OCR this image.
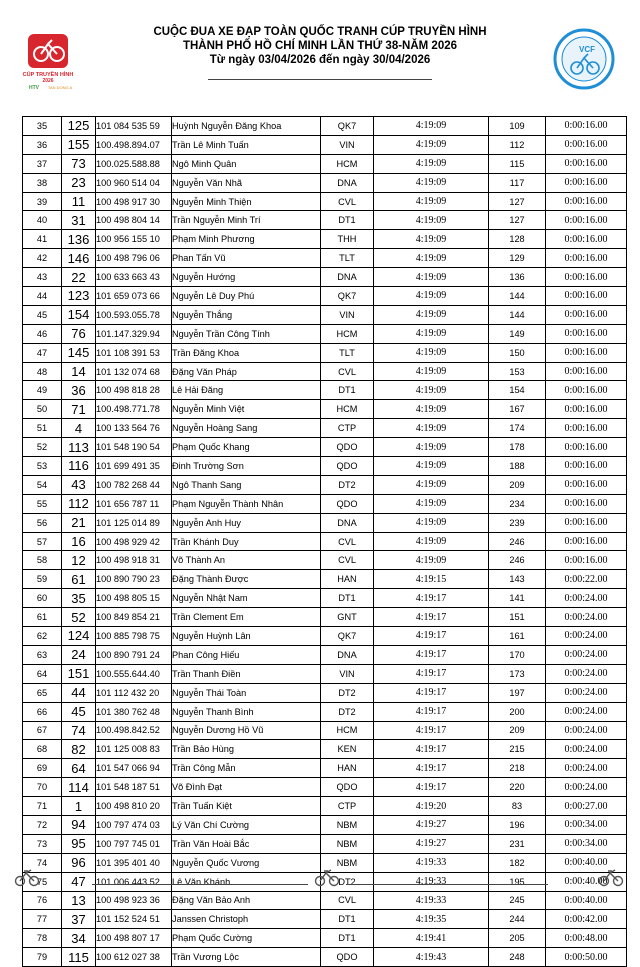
CÚP TRUYỀN HÌNH
2026
HTV TAN DONG A
CUỘC ĐUA XE ĐẠP TOÀN QUỐC TRANH CÚP TRUYỀN HÌNH
THÀNH PHỐ HỒ CHÍ MINH LẦN THỨ 38-NĂM 2026
Từ ngày 03/04/2026 đến ngày 30/04/2026
VCF
35	125	101 084 535 59	Huỳnh Nguyễn Đăng Khoa	QK7	4:19:09	109	0:00:16.00
36	155	100.498.894.07	Trần Lê Minh Tuấn	VIN	4:19:09	112	0:00:16.00
37	73	100.025.588.88	Ngô Minh Quân	HCM	4:19:09	115	0:00:16.00
38	23	100 960 514 04	Nguyễn Văn Nhã	DNA	4:19:09	117	0:00:16.00
39	11	100 498 917 30	Nguyễn Minh Thiện	CVL	4:19:09	127	0:00:16.00
40	31	100 498 804 14	Trần Nguyễn Minh Trí	DT1	4:19:09	127	0:00:16.00
41	136	100 956 155 10	Phạm Minh Phương	THH	4:19:09	128	0:00:16.00
42	146	100 498 796 06	Phan Tấn Vũ	TLT	4:19:09	129	0:00:16.00
43	22	100 633 663 43	Nguyễn Hướng	DNA	4:19:09	136	0:00:16.00
44	123	101 659 073 66	Nguyễn Lê Duy Phú	QK7	4:19:09	144	0:00:16.00
45	154	100.593.055.78	Nguyễn Thắng	VIN	4:19:09	144	0:00:16.00
46	76	101.147.329.94	Nguyễn Trần Công Tính	HCM	4:19:09	149	0:00:16.00
47	145	101 108 391 53	Trần Đăng Khoa	TLT	4:19:09	150	0:00:16.00
48	14	101 132 074 68	Đặng Văn Pháp	CVL	4:19:09	153	0:00:16.00
49	36	100 498 818 28	Lê Hải Đăng	DT1	4:19:09	154	0:00:16.00
50	71	100.498.771.78	Nguyễn Minh Việt	HCM	4:19:09	167	0:00:16.00
51	4	100 133 564 76	Nguyễn Hoàng Sang	CTP	4:19:09	174	0:00:16.00
52	113	101 548 190 54	Phạm Quốc Khang	QDO	4:19:09	178	0:00:16.00
53	116	101 699 491 35	Đinh Trường Sơn	QDO	4:19:09	188	0:00:16.00
54	43	100 782 268 44	Ngô Thanh Sang	DT2	4:19:09	209	0:00:16.00
55	112	101 656 787 11	Phạm Nguyễn Thành Nhân	QDO	4:19:09	234	0:00:16.00
56	21	101 125 014 89	Nguyễn Anh Huy	DNA	4:19:09	239	0:00:16.00
57	16	100 498 929 42	Trần Khánh Duy	CVL	4:19:09	246	0:00:16.00
58	12	100 498 918 31	Võ Thành An	CVL	4:19:09	246	0:00:16.00
59	61	100 890 790 23	Đặng Thành Được	HAN	4:19:15	143	0:00:22.00
60	35	100 498 805 15	Nguyễn Nhật Nam	DT1	4:19:17	141	0:00:24.00
61	52	100 849 854 21	Trần Clement Em	GNT	4:19:17	151	0:00:24.00
62	124	100 885 798 75	Nguyễn Huỳnh Lân	QK7	4:19:17	161	0:00:24.00
63	24	100 890 791 24	Phan Công Hiếu	DNA	4:19:17	170	0:00:24.00
64	151	100.555.644.40	Trần Thanh Điền	VIN	4:19:17	173	0:00:24.00
65	44	101 112 432 20	Nguyễn Thái Toàn	DT2	4:19:17	197	0:00:24.00
66	45	101 380 762 48	Nguyễn Thanh Bình	DT2	4:19:17	200	0:00:24.00
67	74	100.498.842.52	Nguyễn Dương Hồ Vũ	HCM	4:19:17	209	0:00:24.00
68	82	101 125 008 83	Trần Bảo Hùng	KEN	4:19:17	215	0:00:24.00
69	64	101 547 066 94	Trần Công Mẫn	HAN	4:19:17	218	0:00:24.00
70	114	101 548 187 51	Võ Đình Đạt	QDO	4:19:17	220	0:00:24.00
71	1	100 498 810 20	Trần Tuấn Kiệt	CTP	4:19:20	83	0:00:27.00
72	94	100 797 474 03	Lý Văn Chí Cường	NBM	4:19:27	196	0:00:34.00
73	95	100 797 745 01	Trần Văn Hoài Bắc	NBM	4:19:27	231	0:00:34.00
74	96	101 395 401 40	Nguyễn Quốc Vương	NBM	4:19:33	182	0:00:40.00
75	47	101 006 443 52	Lê Văn Khánh	DT2	4:19:33	195	0:00:40.00
76	13	100 498 923 36	Đặng Văn Bảo Anh	CVL	4:19:33	245	0:00:40.00
77	37	101 152 524 51	Janssen Christoph	DT1	4:19:35	244	0:00:42.00
78	34	100 498 807 17	Phạm Quốc Cường	DT1	4:19:41	205	0:00:48.00
79	115	100 612 027 38	Trần Vương Lộc	QDO	4:19:43	248	0:00:50.00
